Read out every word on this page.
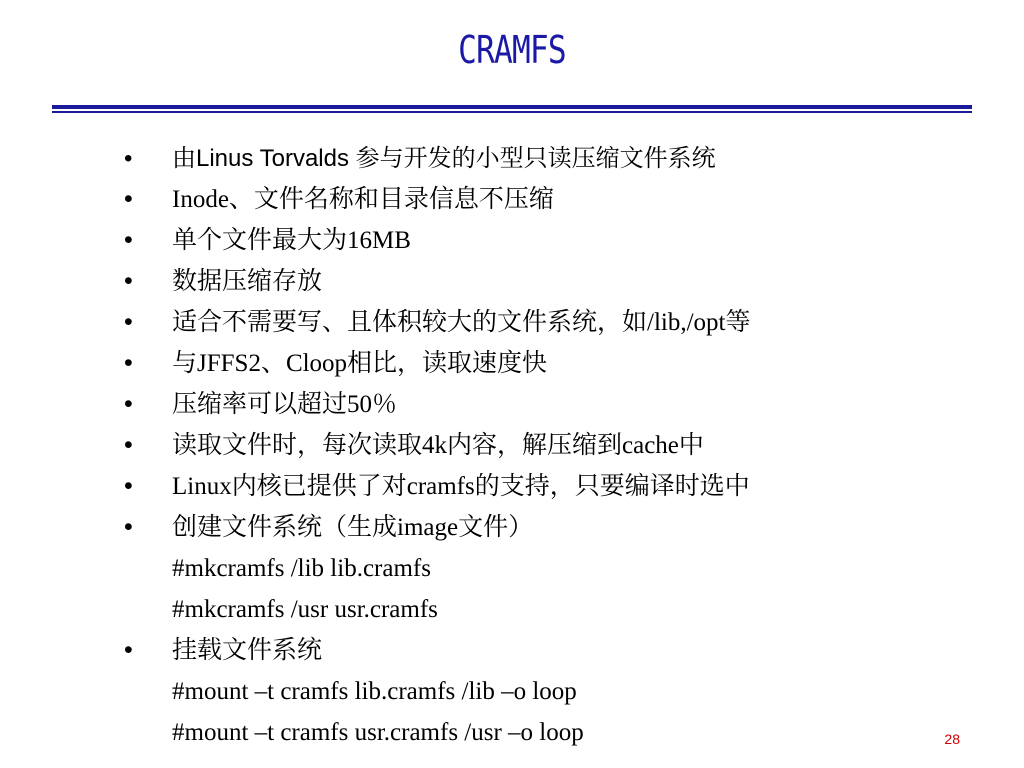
CRAMFS
•	由Linus Torvalds 参与开发的小型只读压缩文件系统
•	Inode、文件名称和目录信息不压缩
•	单个文件最大为16MB
•	数据压缩存放
•	适合不需要写、且体积较大的文件系统，如/lib,/opt等
•	与JFFS2、Cloop相比，读取速度快
•	压缩率可以超过50％
•	读取文件时，每次读取4k内容，解压缩到cache中
•	Linux内核已提供了对cramfs的支持，只要编译时选中
•	创建文件系统（生成image文件）
#mkcramfs /lib lib.cramfs
#mkcramfs /usr usr.cramfs
•	挂载文件系统
#mount –t cramfs lib.cramfs /lib –o loop
#mount –t cramfs usr.cramfs /usr –o loop	28
